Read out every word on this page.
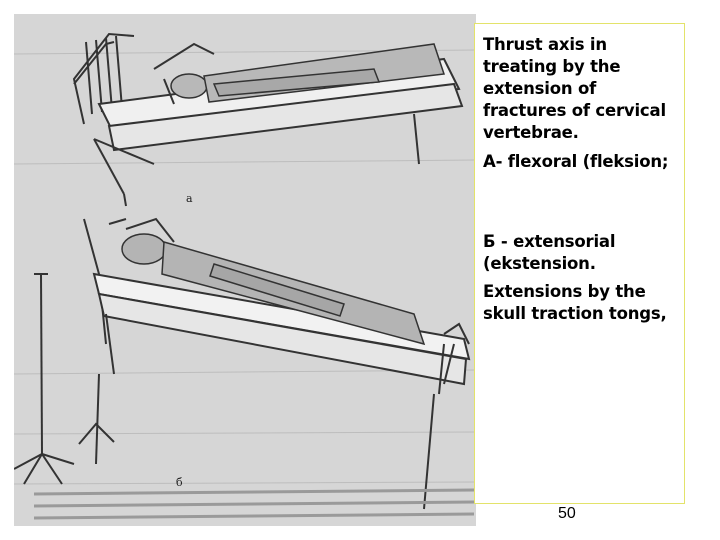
а
б

Thrust axis in treating by the extension of fractures of cervical vertebrae.

A- flexoral (fleksion;

Б - extensorial (ekstension.

Extensions by the skull traction tongs,

50
